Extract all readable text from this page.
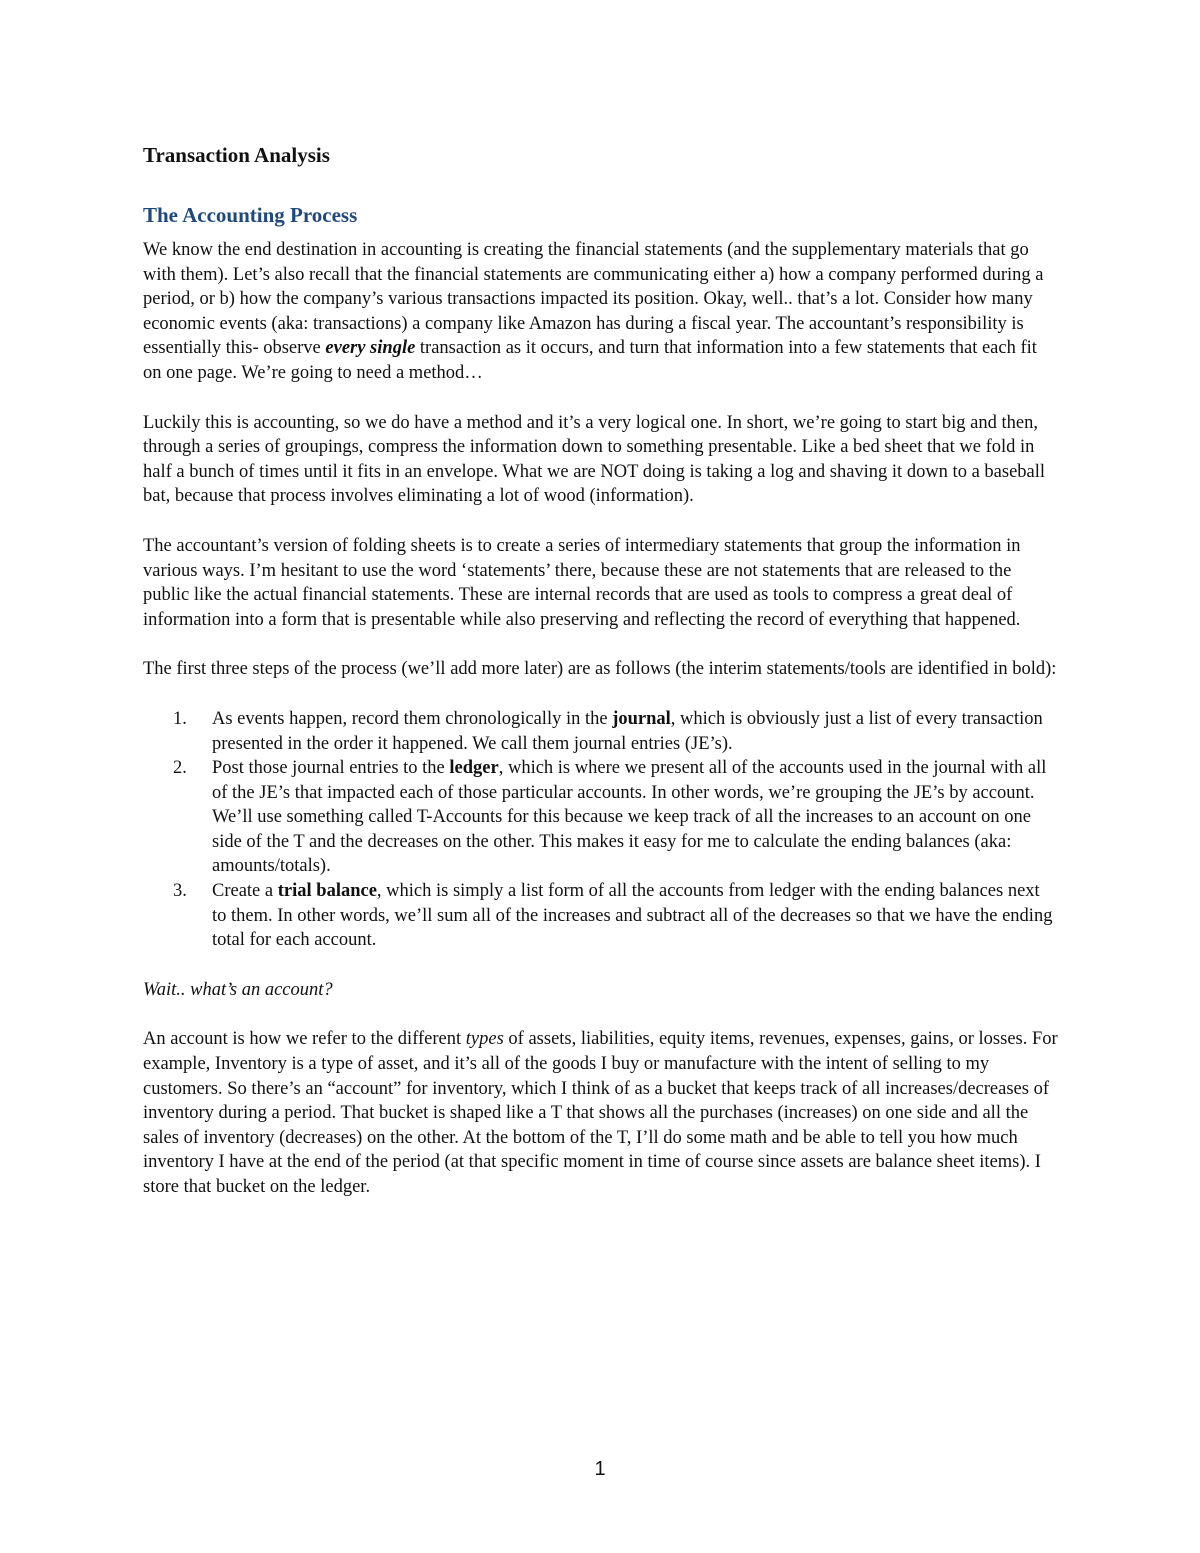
Transaction Analysis
The Accounting Process

We know the end destination in accounting is creating the financial statements (and the supplementary materials that go with them). Let’s also recall that the financial statements are communicating either a) how a company performed during a period, or b) how the company’s various transactions impacted its position. Okay, well.. that’s a lot. Consider how many economic events (aka: transactions) a company like Amazon has during a fiscal year. The accountant’s responsibility is essentially this- observe every single transaction as it occurs, and turn that information into a few statements that each fit on one page. We’re going to need a method…

Luckily this is accounting, so we do have a method and it’s a very logical one. In short, we’re going to start big and then, through a series of groupings, compress the information down to something presentable. Like a bed sheet that we fold in half a bunch of times until it fits in an envelope. What we are NOT doing is taking a log and shaving it down to a baseball bat, because that process involves eliminating a lot of wood (information).

The accountant’s version of folding sheets is to create a series of intermediary statements that group the information in various ways. I’m hesitant to use the word ‘statements’ there, because these are not statements that are released to the public like the actual financial statements. These are internal records that are used as tools to compress a great deal of information into a form that is presentable while also preserving and reflecting the record of everything that happened.

The first three steps of the process (we’ll add more later) are as follows (the interim statements/tools are identified in bold):

1. As events happen, record them chronologically in the journal, which is obviously just a list of every transaction presented in the order it happened. We call them journal entries (JE’s).
2. Post those journal entries to the ledger, which is where we present all of the accounts used in the journal with all of the JE’s that impacted each of those particular accounts. In other words, we’re grouping the JE’s by account. We’ll use something called T-Accounts for this because we keep track of all the increases to an account on one side of the T and the decreases on the other. This makes it easy for me to calculate the ending balances (aka: amounts/totals).
3. Create a trial balance, which is simply a list form of all the accounts from ledger with the ending balances next to them. In other words, we’ll sum all of the increases and subtract all of the decreases so that we have the ending total for each account.

Wait.. what’s an account?

An account is how we refer to the different types of assets, liabilities, equity items, revenues, expenses, gains, or losses. For example, Inventory is a type of asset, and it’s all of the goods I buy or manufacture with the intent of selling to my customers. So there’s an “account” for inventory, which I think of as a bucket that keeps track of all increases/decreases of inventory during a period. That bucket is shaped like a T that shows all the purchases (increases) on one side and all the sales of inventory (decreases) on the other. At the bottom of the T, I’ll do some math and be able to tell you how much inventory I have at the end of the period (at that specific moment in time of course since assets are balance sheet items). I store that bucket on the ledger.

1
